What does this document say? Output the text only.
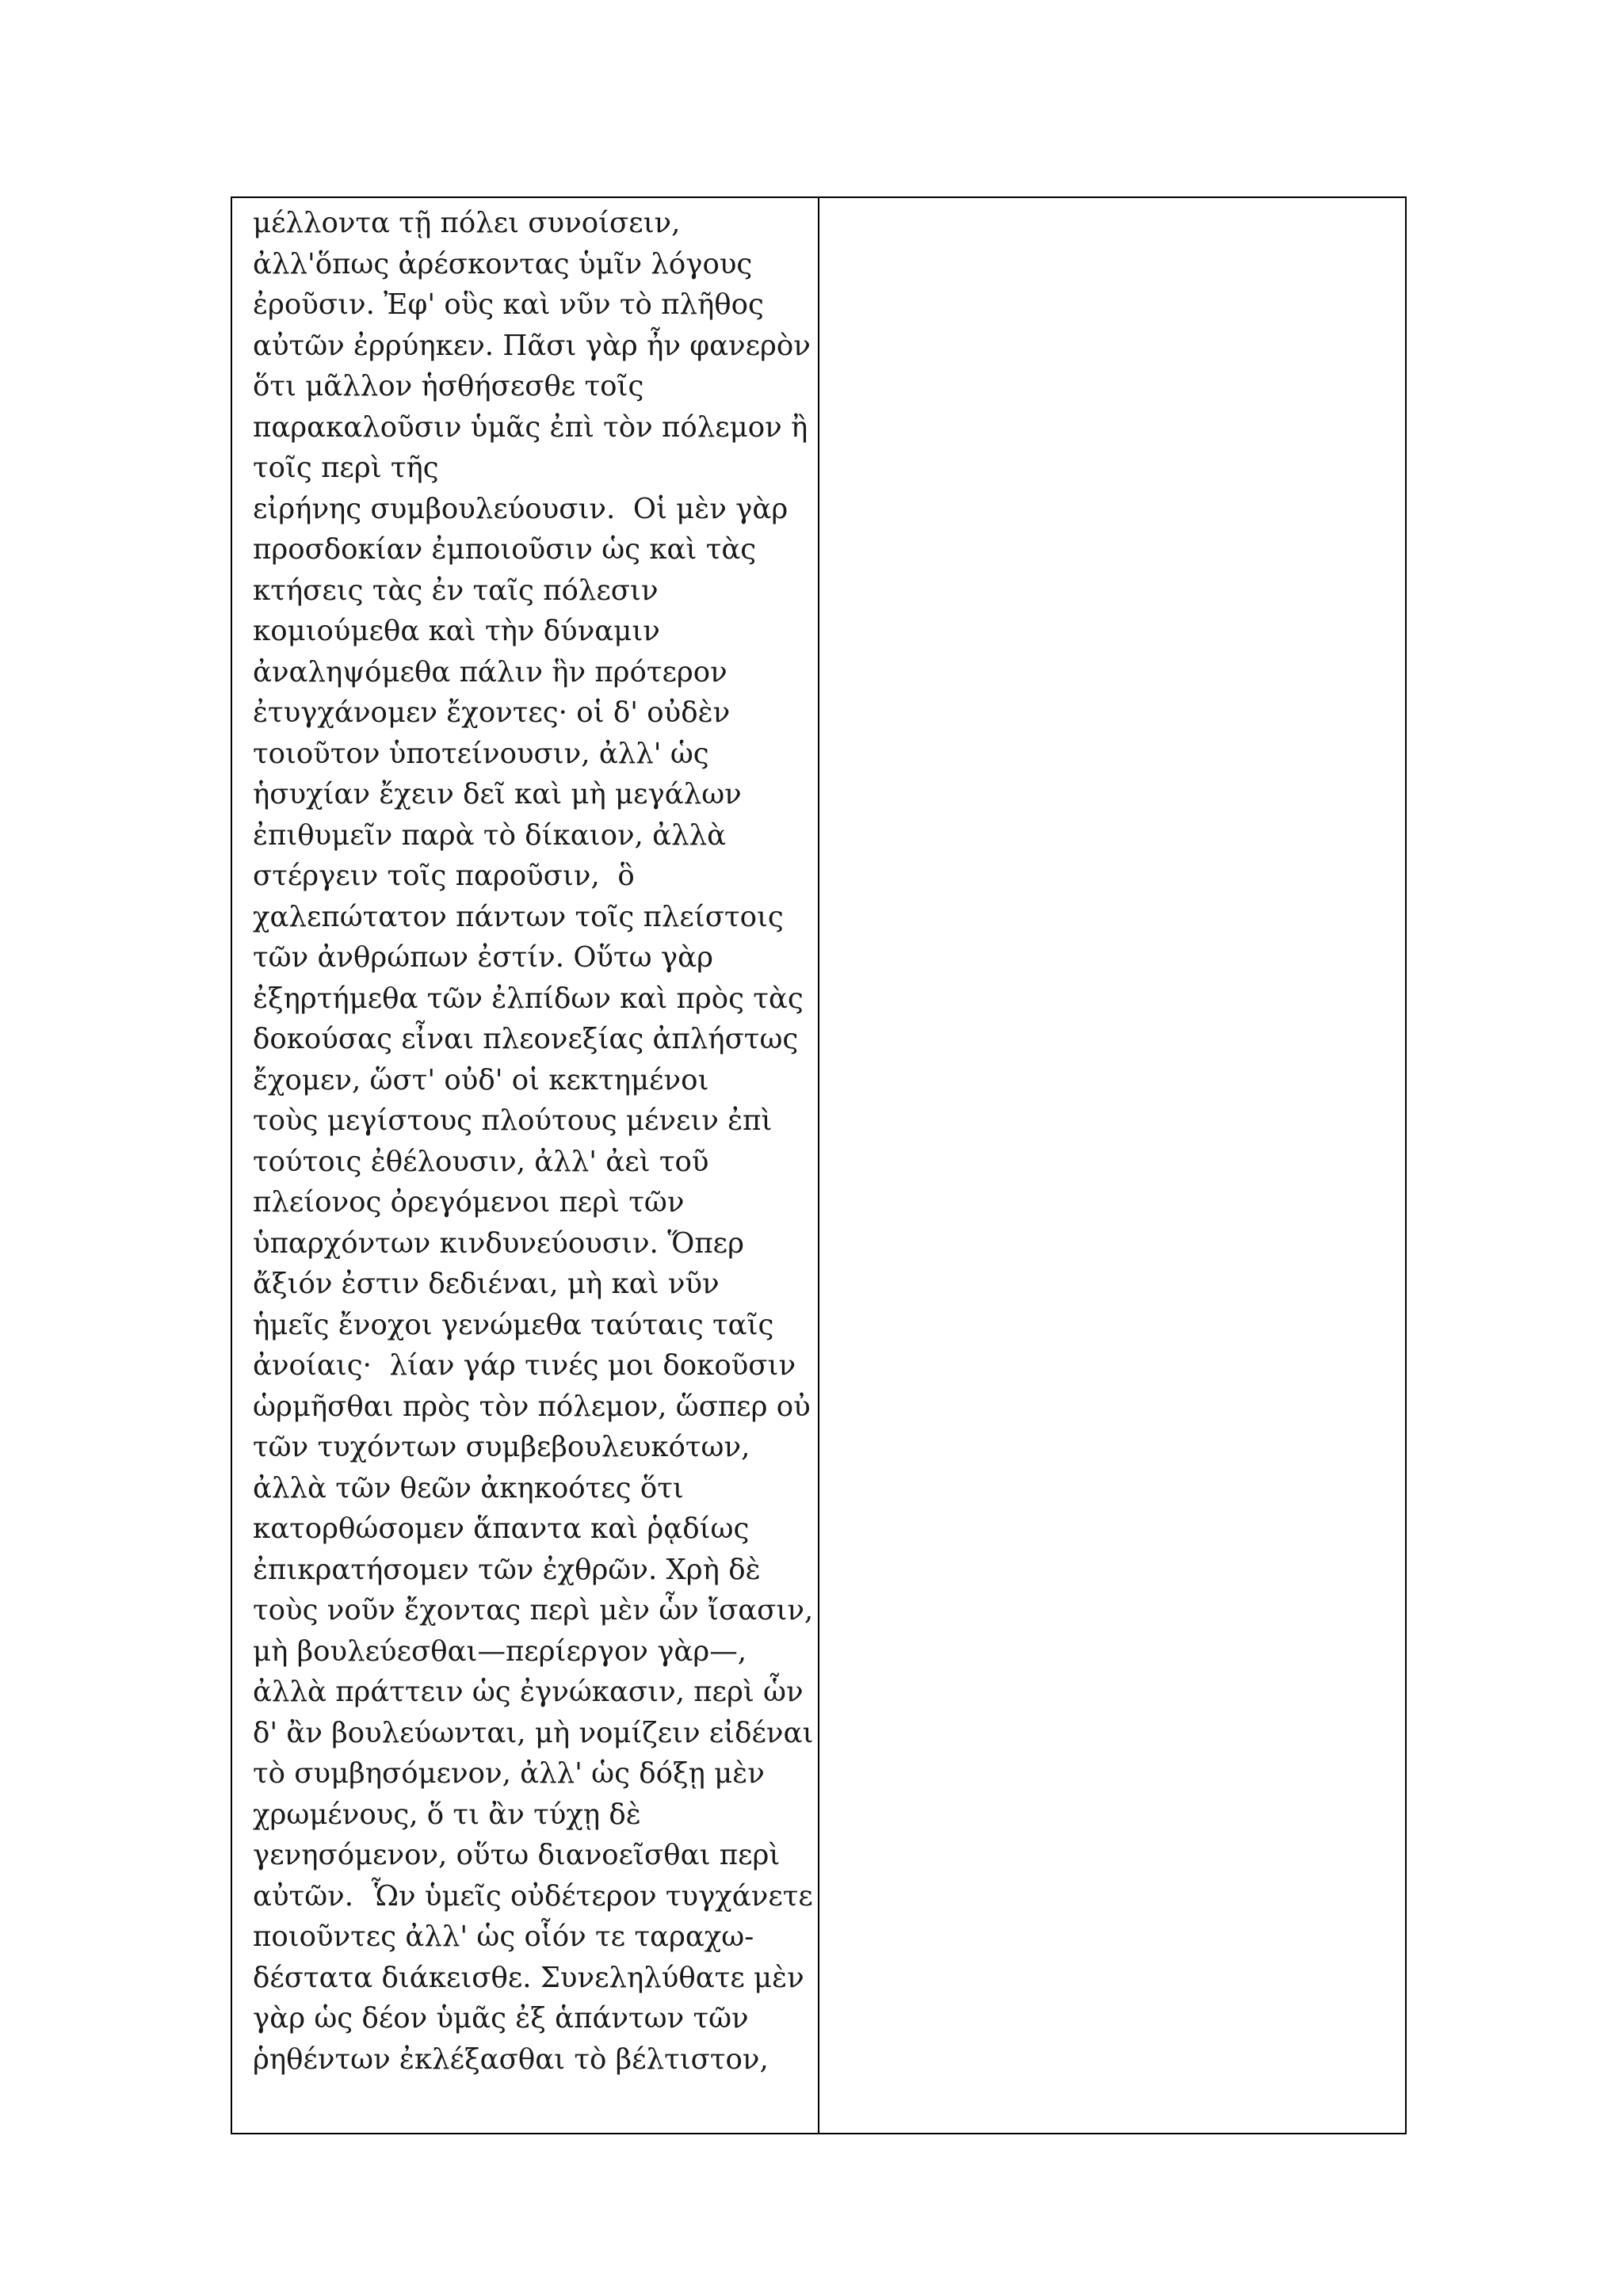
μέλλοντα τῇ πόλει συνοίσειν,
ἀλλ'ὅπως ἀρέσκοντας ὑμῖν λόγους
ἐροῦσιν. Ἐφ' οὓς καὶ νῦν τὸ πλῆθος
αὐτῶν ἐρρύηκεν. Πᾶσι γὰρ ἦν φανερὸν
ὅτι μᾶλλον ἡσθήσεσθε τοῖς
παρακαλοῦσιν ὑμᾶς ἐπὶ τὸν πόλεμον ἢ
τοῖς περὶ τῆς
εἰρήνης συμβουλεύουσιν.  Οἱ μὲν γὰρ
προσδοκίαν ἐμποιοῦσιν ὡς καὶ τὰς
κτήσεις τὰς ἐν ταῖς πόλεσιν
κομιούμεθα καὶ τὴν δύναμιν
ἀναληψόμεθα πάλιν ἣν πρότερον
ἐτυγχάνομεν ἔχοντες· οἱ δ' οὐδὲν
τοιοῦτον ὑποτείνουσιν, ἀλλ' ὡς
ἡσυχίαν ἔχειν δεῖ καὶ μὴ μεγάλων
ἐπιθυμεῖν παρὰ τὸ δίκαιον, ἀλλὰ
στέργειν τοῖς παροῦσιν,  ὃ
χαλεπώτατον πάντων τοῖς πλείστοις
τῶν ἀνθρώπων ἐστίν. Οὕτω γὰρ
ἐξηρτήμεθα τῶν ἐλπίδων καὶ πρὸς τὰς
δοκούσας εἶναι πλεονεξίας ἀπλήστως
ἔχομεν, ὥστ' οὐδ' οἱ κεκτημένοι
τοὺς μεγίστους πλούτους μένειν ἐπὶ
τούτοις ἐθέλουσιν, ἀλλ' ἀεὶ τοῦ
πλείονος ὀρεγόμενοι περὶ τῶν
ὑπαρχόντων κινδυνεύουσιν. Ὅπερ
ἄξιόν ἐστιν δεδιέναι, μὴ καὶ νῦν
ἡμεῖς ἔνοχοι γενώμεθα ταύταις ταῖς
ἀνοίαις·  λίαν γάρ τινές μοι δοκοῦσιν
ὡρμῆσθαι πρὸς τὸν πόλεμον, ὥσπερ οὐ
τῶν τυχόντων συμβεβουλευκότων,
ἀλλὰ τῶν θεῶν ἀκηκοότες ὅτι
κατορθώσομεν ἅπαντα καὶ ῥᾳδίως
ἐπικρατήσομεν τῶν ἐχθρῶν. Χρὴ δὲ
τοὺς νοῦν ἔχοντας περὶ μὲν ὧν ἴσασιν,
μὴ βουλεύεσθαι—περίεργον γὰρ—,
ἀλλὰ πράττειν ὡς ἐγνώκασιν, περὶ ὧν
δ' ἂν βουλεύωνται, μὴ νομίζειν εἰδέναι
τὸ συμβησόμενον, ἀλλ' ὡς δόξῃ μὲν
χρωμένους, ὅ τι ἂν τύχῃ δὲ
γενησόμενον, οὕτω διανοεῖσθαι περὶ
αὐτῶν.  Ὧν ὑμεῖς οὐδέτερον τυγχάνετε
ποιοῦντες ἀλλ' ὡς οἷόν τε ταραχω-
δέστατα διάκεισθε. Συνεληλύθατε μὲν
γὰρ ὡς δέον ὑμᾶς ἐξ ἁπάντων τῶν
ῥηθέντων ἐκλέξασθαι τὸ βέλτιστον,
